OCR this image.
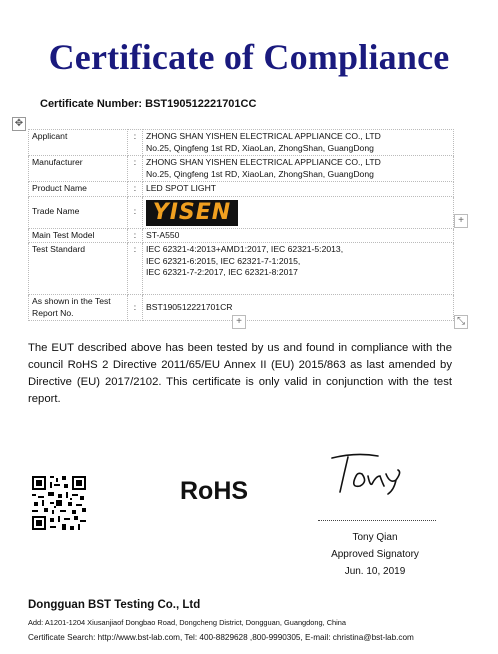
Certificate of Compliance
Certificate Number: BST190512221701CC
✥
Applicant	:	ZHONG SHAN YISHEN ELECTRICAL APPLIANCE CO., LTD
No.25, Qingfeng 1st RD, XiaoLan, ZhongShan, GuangDong

Manufacturer	:	ZHONG SHAN YISHEN ELECTRICAL APPLIANCE CO., LTD
No.25, Qingfeng 1st RD, XiaoLan, ZhongShan, GuangDong

Product Name	:	LED SPOT LIGHT
Trade Name	:	YISEN
Main Test Model	:	ST-A550
Test Standard	:	IEC 62321-4:2013+AMD1:2017, IEC 62321-5:2013,
IEC 62321-6:2015, IEC 62321-7-1:2015,
IEC 62321-7-2:2017, IEC 62321-8:2017

As shown in the Test Report No.	:	BST190512221701CR
+
+	⤡
The EUT described above has been tested by us and found in compliance with the council RoHS 2 Directive 2011/65/EU Annex II (EU) 2015/863 as last amended by Directive (EU) 2017/2102. This certificate is only valid in conjunction with the test report.
RoHS
Tony Qian
Approved Signatory
Jun. 10, 2019
Dongguan BST Testing Co., Ltd
Add: A1201-1204 Xiusanjiaof Dongbao Road, Dongcheng District, Dongguan, Guangdong, China
Certificate Search: http://www.bst-lab.com, Tel: 400-8829628 ,800-9990305, E-mail: christina@bst-lab.com
